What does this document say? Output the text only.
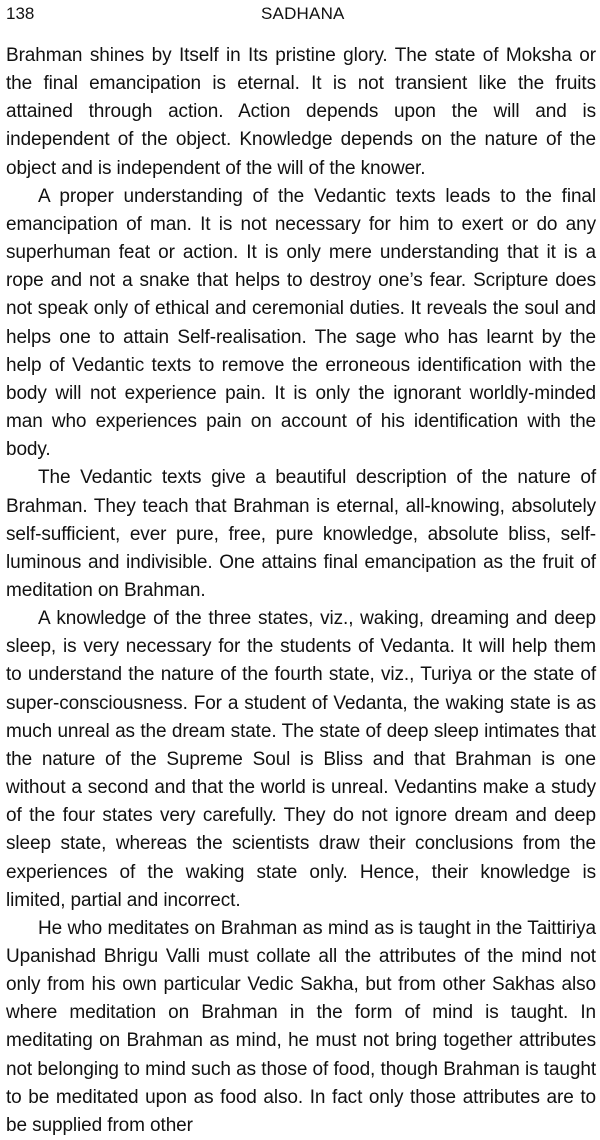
138	SADHANA

Brahman shines by Itself in Its pristine glory. The state of Moksha or the final emancipation is eternal. It is not transient like the fruits attained through action. Action depends upon the will and is independent of the object. Knowledge depends on the nature of the object and is independent of the will of the knower.

A proper understanding of the Vedantic texts leads to the final emancipation of man. It is not necessary for him to exert or do any superhuman feat or action. It is only mere understanding that it is a rope and not a snake that helps to destroy one’s fear. Scripture does not speak only of ethical and ceremonial duties. It reveals the soul and helps one to attain Self-realisation. The sage who has learnt by the help of Vedantic texts to remove the erroneous identification with the body will not experience pain. It is only the ignorant worldly-minded man who experiences pain on account of his identification with the body.

The Vedantic texts give a beautiful description of the nature of Brahman. They teach that Brahman is eternal, all-knowing, absolutely self-sufficient, ever pure, free, pure knowledge, absolute bliss, self-luminous and indivisible. One attains final emancipation as the fruit of meditation on Brahman.

A knowledge of the three states, viz., waking, dreaming and deep sleep, is very necessary for the students of Vedanta. It will help them to understand the nature of the fourth state, viz., Turiya or the state of super-consciousness. For a student of Vedanta, the waking state is as much unreal as the dream state. The state of deep sleep intimates that the nature of the Supreme Soul is Bliss and that Brahman is one without a second and that the world is unreal. Vedantins make a study of the four states very carefully. They do not ignore dream and deep sleep state, whereas the scientists draw their conclusions from the experiences of the waking state only. Hence, their knowledge is limited, partial and incorrect.

He who meditates on Brahman as mind as is taught in the Taittiriya Upanishad Bhrigu Valli must collate all the attributes of the mind not only from his own particular Vedic Sakha, but from other Sakhas also where meditation on Brahman in the form of mind is taught. In meditating on Brahman as mind, he must not bring together attributes not belonging to mind such as those of food, though Brahman is taught to be meditated upon as food also. In fact only those attributes are to be supplied from other
